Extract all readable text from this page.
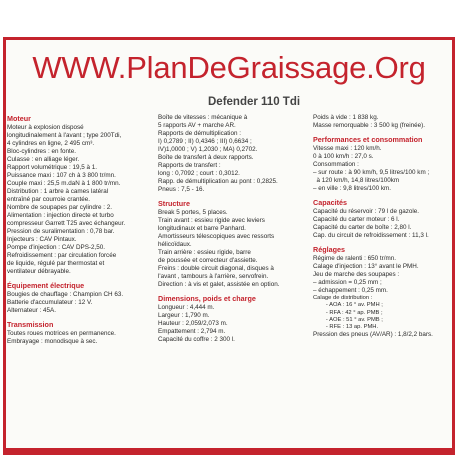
WWW.PlanDeGraissage.Org
Defender 110 Tdi
Moteur
Moteur à explosion disposé
longitudinalement à l'avant ; type 200Tdi,
4 cylindres en ligne, 2 495 cm³.
Bloc-cylindres : en fonte.
Culasse : en alliage léger.
Rapport volumétrique : 19,5 à 1.
Puissance maxi : 107 ch à 3 800 tr/mn.
Couple maxi : 25,5 m.daN à 1 800 tr/mn.
Distribution : 1 arbre à cames latéral
entraîné par courroie crantée.
Nombre de soupapes par cylindre : 2.
Alimentation : injection directe et turbo
compresseur Garrett T25 avec échangeur.
Pression de suralimentation : 0,78 bar.
Injecteurs : CAV Pintaux.
Pompe d'injection : CAV DPS-2,50.
Refroidissement : par circulation forcée
de liquide, régulé par thermostat et
ventilateur débrayable.
Équipement électrique
Bougies de chauffage : Champion CH 63.
Batterie d'accumulateur : 12 V.
Alternateur : 45A.
Transmission
Toutes roues motrices en permanence.
Embrayage : monodisque à sec.
Boîte de vitesses : mécanique à
5 rapports AV + marche AR.
Rapports de démultiplication :
I) 0,2789 ; II) 0,4346 ; III) 0,6634 ;
IV)1,0000 ; V) 1,2030 ; MA) 0,2702.
Boîte de transfert à deux rapports.
Rapports de transfert :
long : 0,7092 ; court : 0,3012.
Rapp. de démultiplication au pont : 0,2825.
Pneus : 7,5 - 16.
Structure
Break 5 portes, 5 places.
Train avant : essieu rigide avec leviers
longitudinaux et barre Panhard.
Amortisseurs télescopiques avec ressorts
hélicoïdaux.
Train arrière : essieu rigide, barre
de poussée et correcteur d'assiette.
Freins : double circuit diagonal, disques à
l'avant , tambours à l'arrière, servofrein.
Direction : à vis et galet, assistée en option.
Dimensions, poids et charge
Longueur : 4,444 m.
Largeur : 1,790 m.
Hauteur : 2,059/2,073 m.
Empattement : 2,794 m.
Capacité du coffre : 2 300 l.
Poids à vide : 1 838 kg.
Masse remorquable : 3 500 kg (freinée).
Performances et consommation
Vitesse maxi : 120 km/h.
0 à 100 km/h : 27,0 s.
Consommation :
– sur route : à 90 km/h, 9,5 litres/100 km ;
à 120 km/h, 14,8 litres/100km
– en ville : 9,8 litres/100 km.
Capacités
Capacité du réservoir : 79 l de gazole.
Capacité du carter moteur : 6 l.
Capacité du carter de boîte : 2,80 l.
Cap. du circuit de refroidissement : 11,3 l.
Réglages
Régime de ralenti : 650 tr/mn.
Calage d'injection : 13° avant le PMH.
Jeu de marche des soupapes :
– admission = 0,25 mm ;
– échappement : 0,25 mm.
Calage de distribution :
- AOA : 16 ° av. PMH ;
- RFA : 42 ° ap. PMB ;
- AOE : 51 ° av. PMB ;
- RFE : 13 ap. PMH.
Pression des pneus (AV/AR) : 1,8/2,2 bars.
